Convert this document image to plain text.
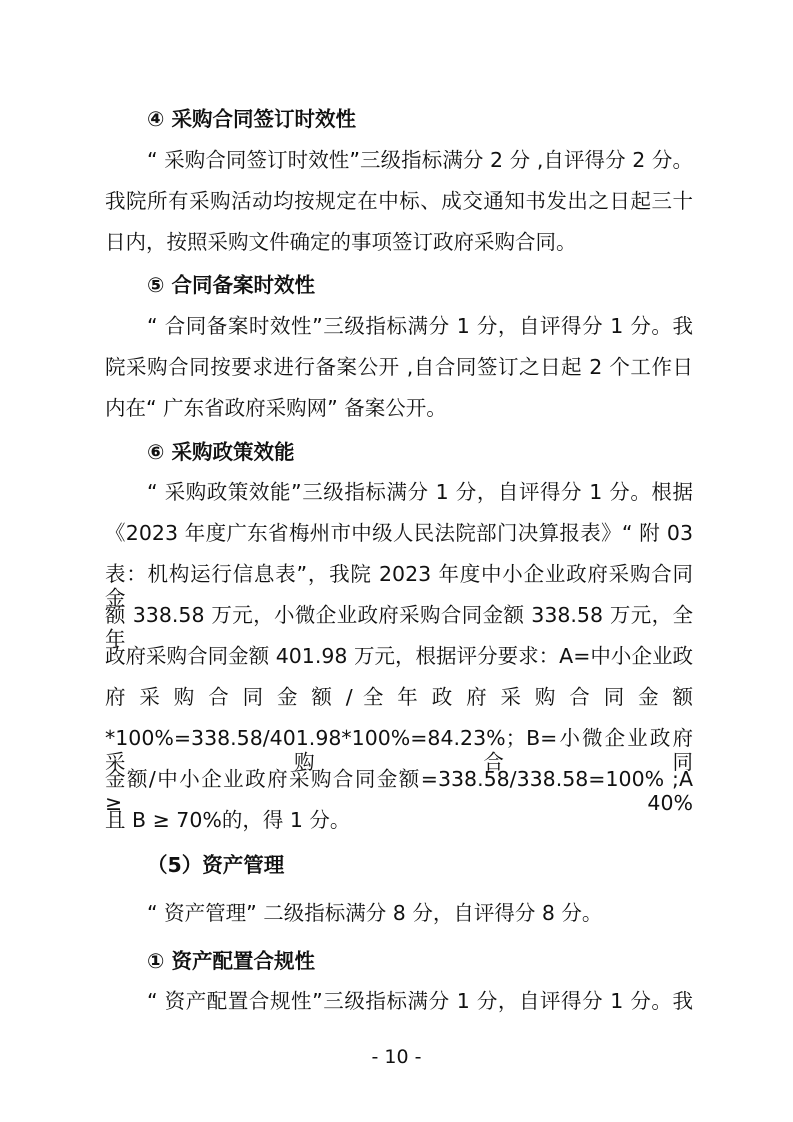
④ 采购合同签订时效性
“ 采购合同签订时效性”三级指标满分 2 分 ,自评得分 2 分。
我院所有采购活动均按规定在中标、成交通知书发出之日起三十
日内，按照采购文件确定的事项签订政府采购合同。
⑤ 合同备案时效性
“ 合同备案时效性”三级指标满分 1 分，自评得分 1 分。我
院采购合同按要求进行备案公开 ,自合同签订之日起 2 个工作日
内在“ 广东省政府采购网” 备案公开。
⑥ 采购政策效能
“ 采购政策效能”三级指标满分 1 分，自评得分 1 分。根据
《2023 年度广东省梅州市中级人民法院部门决算报表》“ 附 03
表：机构运行信息表”，我院 2023 年度中小企业政府采购合同金
额 338.58 万元，小微企业政府采购合同金额 338.58 万元，全年
政府采购合同金额 401.98 万元，根据评分要求：A=中小企业政
府 采 购 合 同 金 额 / 全 年 政 府 采 购 合 同 金 额
*100%=338.58/401.98*100%=84.23%；B=小微企业政府采购合同
金额/中小企业政府采购合同金额=338.58/338.58=100% ;A ≥ 40%
且 B ≥ 70%的，得 1 分。
（5）资产管理
“ 资产管理” 二级指标满分 8 分，自评得分 8 分。
① 资产配置合规性
“ 资产配置合规性”三级指标满分 1 分，自评得分 1 分。我
- 10 -
